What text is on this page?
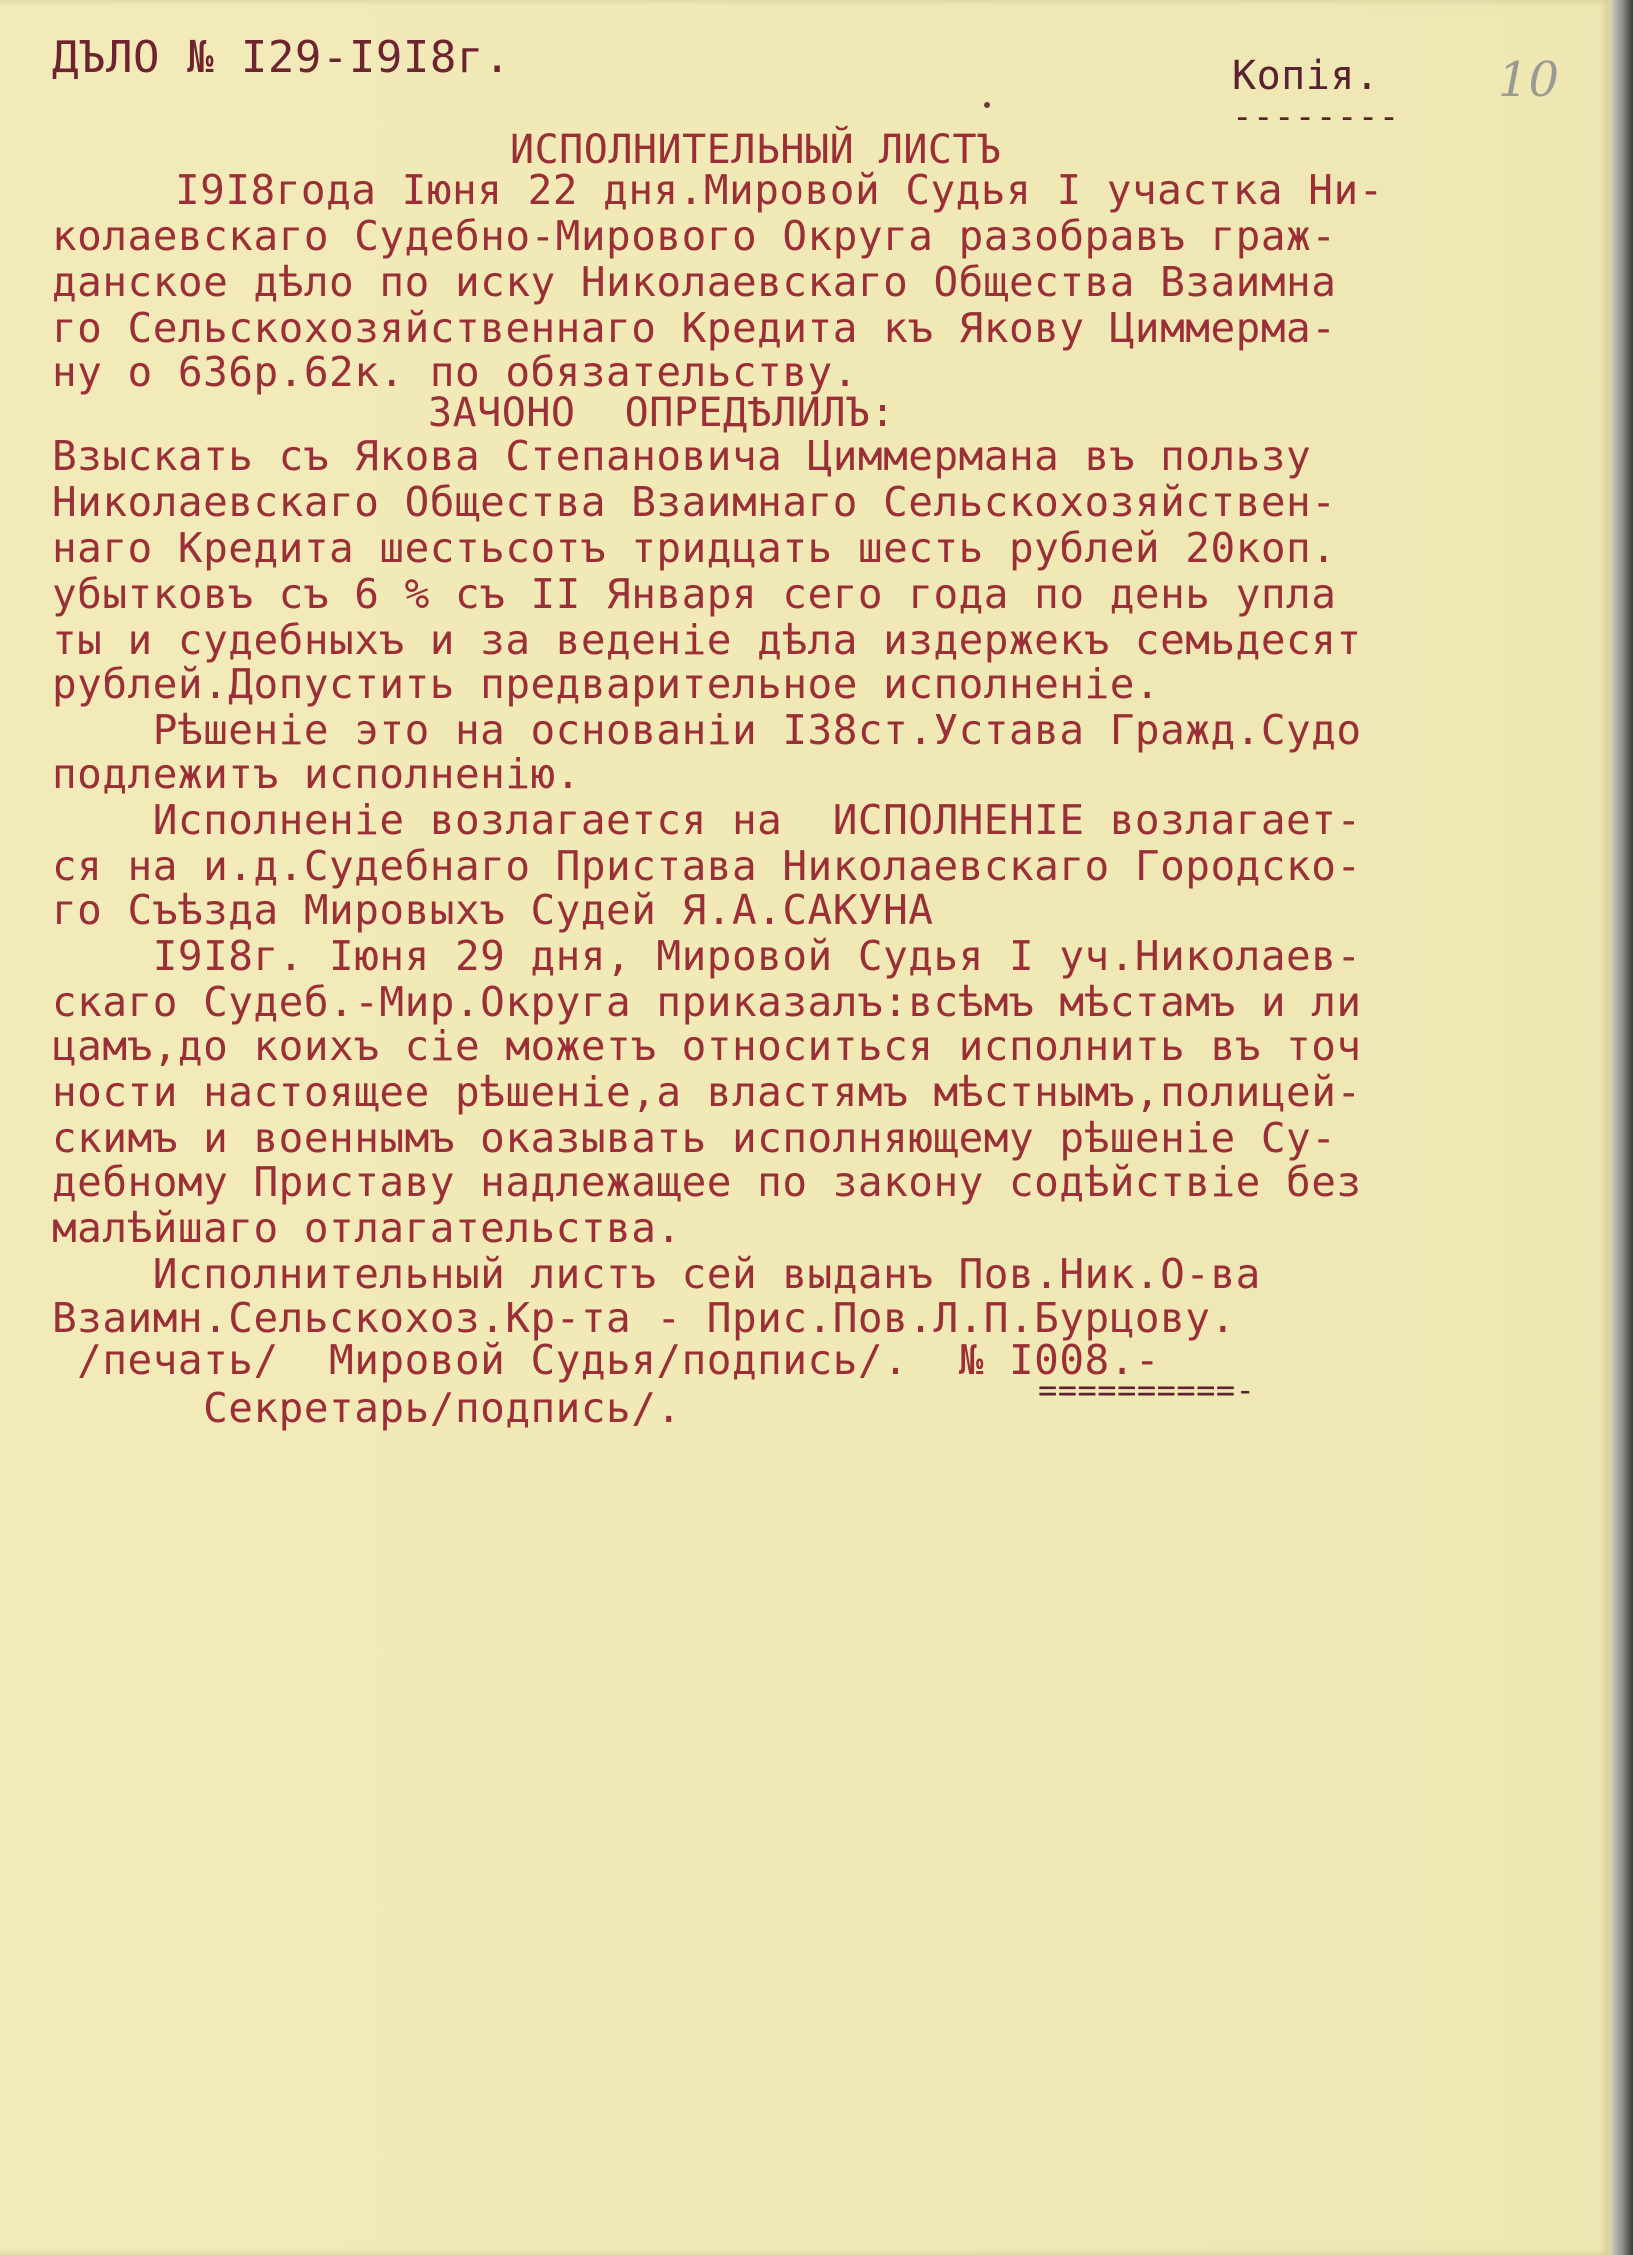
ДЪЛО № I29-I9I8г.	Копiя.
--------
10
ИСПОЛНИТЕЛЬНЫЙ ЛИСТЪ
I9I8года Iюня 22 дня.Мировой Судья I участка Ни-
колаевскаго Судебно-Мирового Округа разобравъ граж-
данское дѣло по иску Николаевскаго Общества Взаимна
го Сельскохозяйственнаго Кредита къ Якову Циммерма-
ну о 636р.62к. по обязательству.
ЗАЧОНО  ОПРЕДѢЛИЛЪ:
Взыскать съ Якова Степановича Циммермана въ пользу
Николаевскаго Общества Взаимнаго Сельскохозяйствен-
наго Кредита шестьсотъ тридцать шесть рублей 20коп.
убытковъ съ 6 % съ II Января сего года по день упла
ты и судебныхъ и за веденiе дѣла издержекъ семьдесят
рублей.Допустить предварительное исполненiе.
Рѣшенiе это на основанiи I38ст.Устава Гражд.Судо
подлежитъ исполненiю.
Исполненiе возлагается на  ИСПОЛНЕНIЕ возлагает-
ся на и.д.Судебнаго Пристава Николаевскаго Городско-
го Съѣзда Мировыхъ Судей Я.А.САКУНА
I9I8г. Iюня 29 дня, Мировой Судья I уч.Николаев-
скаго Судеб.-Мир.Округа приказалъ:всѣмъ мѣстамъ и ли
цамъ,до коихъ сiе можетъ относиться исполнить въ точ
ности настоящее рѣшенiе,а властямъ мѣстнымъ,полицей-
скимъ и военнымъ оказывать исполняющему рѣшенiе Су-
дебному Приставу надлежащее по закону содѣйствiе без
малѣйшаго отлагательства.
Исполнительный листъ сей выданъ Пов.Ник.О-ва
Взаимн.Сельскохоз.Кр-та - Прис.Пов.Л.П.Бурцову.
/печать/  Мировой Судья/подпись/.  № I008.-
Секретарь/подпись/.	==========-
